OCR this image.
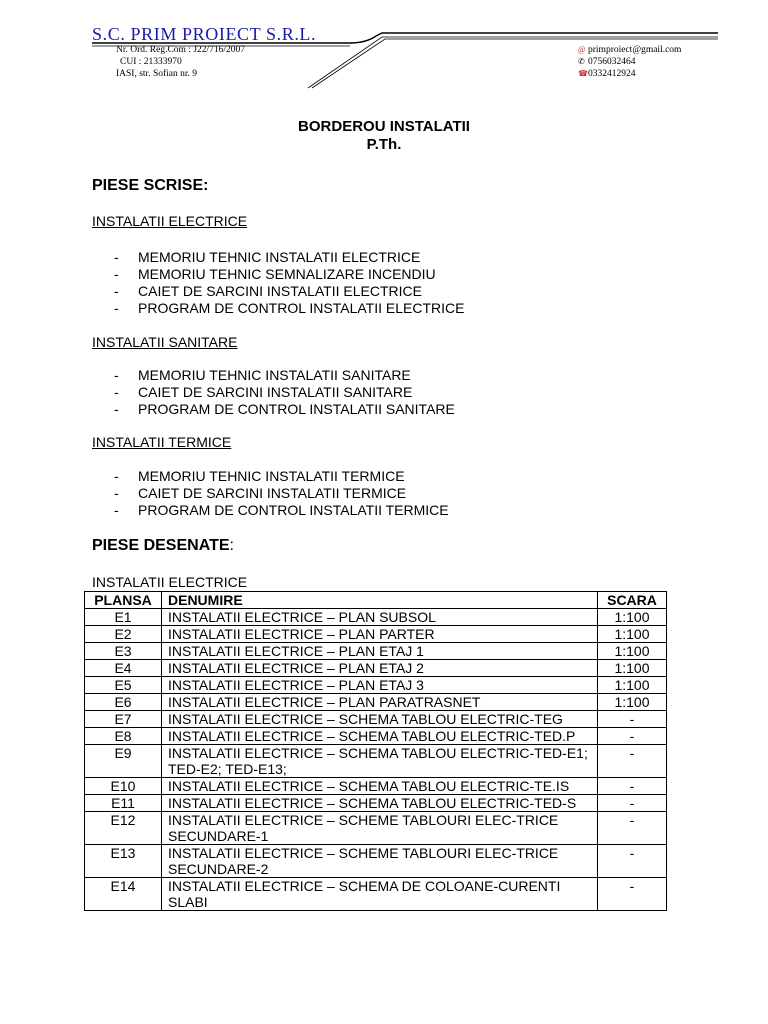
S.C. PRIM PROIECT S.R.L.
Nr. Ord. Reg.Com : J22/716/2007
CUI : 21333970
IASI, str. Sofian nr. 9
@ primproiect@gmail.com
✆ 0756032464
☎ 0332412924
BORDEROU INSTALATII
P.Th.
PIESE SCRISE:
INSTALATII ELECTRICE
- MEMORIU TEHNIC INSTALATII ELECTRICE
- MEMORIU TEHNIC SEMNALIZARE INCENDIU
- CAIET DE SARCINI INSTALATII ELECTRICE
- PROGRAM DE CONTROL INSTALATII ELECTRICE
INSTALATII SANITARE
- MEMORIU TEHNIC INSTALATII SANITARE
- CAIET DE SARCINI INSTALATII SANITARE
- PROGRAM DE CONTROL INSTALATII SANITARE
INSTALATII TERMICE
- MEMORIU TEHNIC INSTALATII TERMICE
- CAIET DE SARCINI INSTALATII TERMICE
- PROGRAM DE CONTROL INSTALATII TERMICE
PIESE DESENATE:
INSTALATII ELECTRICE
PLANSA	DENUMIRE	SCARA
E1	INSTALATII ELECTRICE – PLAN SUBSOL	1:100
E2	INSTALATII ELECTRICE – PLAN PARTER	1:100
E3	INSTALATII ELECTRICE – PLAN ETAJ 1	1:100
E4	INSTALATII ELECTRICE – PLAN ETAJ 2	1:100
E5	INSTALATII ELECTRICE – PLAN ETAJ 3	1:100
E6	INSTALATII ELECTRICE – PLAN PARATRASNET	1:100
E7	INSTALATII ELECTRICE – SCHEMA TABLOU ELECTRIC-TEG	-
E8	INSTALATII ELECTRICE – SCHEMA TABLOU ELECTRIC-TED.P	-
E9	INSTALATII ELECTRICE – SCHEMA TABLOU ELECTRIC-TED-E1; TED-E2; TED-E13;	-
E10	INSTALATII ELECTRICE – SCHEMA TABLOU ELECTRIC-TE.IS	-
E11	INSTALATII ELECTRICE – SCHEMA TABLOU ELECTRIC-TED-S	-
E12	INSTALATII ELECTRICE – SCHEME TABLOURI ELEC-TRICE SECUNDARE-1	-
E13	INSTALATII ELECTRICE – SCHEME TABLOURI ELEC-TRICE SECUNDARE-2	-
E14	INSTALATII ELECTRICE – SCHEMA DE COLOANE-CURENTI SLABI	-
